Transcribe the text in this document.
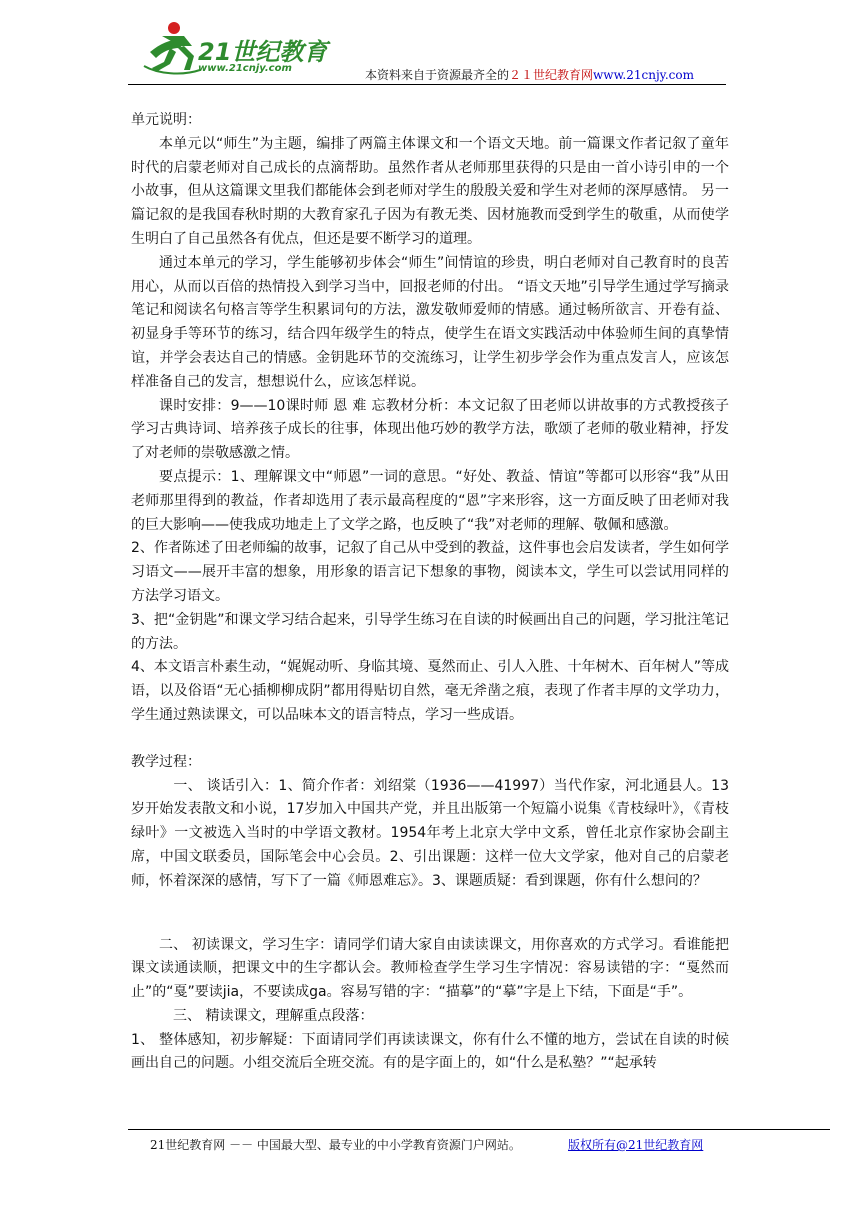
21世纪教育
www.21cnjy.com	本资料来自于资源最齐全的２１世纪教育网www.21cnjy.com

单元说明：

本单元以“师生”为主题，编排了两篇主体课文和一个语文天地。前一篇课文作者记叙了童年时代的启蒙老师对自己成长的点滴帮助。虽然作者从老师那里获得的只是由一首小诗引申的一个小故事，但从这篇课文里我们都能体会到老师对学生的殷殷关爱和学生对老师的深厚感情。 另一篇记叙的是我国春秋时期的大教育家孔子因为有教无类、因材施教而受到学生的敬重，从而使学生明白了自己虽然各有优点，但还是要不断学习的道理。

通过本单元的学习，学生能够初步体会“师生”间情谊的珍贵，明白老师对自己教育时的良苦用心，从而以百倍的热情投入到学习当中，回报老师的付出。 “语文天地”引导学生通过学写摘录笔记和阅读名句格言等学生积累词句的方法，激发敬师爱师的情感。通过畅所欲言、开卷有益、初显身手等环节的练习，结合四年级学生的特点，使学生在语文实践活动中体验师生间的真挚情谊，并学会表达自己的情感。金钥匙环节的交流练习，让学生初步学会作为重点发言人，应该怎样准备自己的发言，想想说什么，应该怎样说。

课时安排：9——10课时师 恩 难 忘教材分析：本文记叙了田老师以讲故事的方式教授孩子学习古典诗词、培养孩子成长的往事，体现出他巧妙的教学方法，歌颂了老师的敬业精神，抒发了对老师的崇敬感激之情。

要点提示：1、理解课文中“师恩”一词的意思。“好处、教益、情谊”等都可以形容“我”从田老师那里得到的教益，作者却选用了表示最高程度的“恩”字来形容，这一方面反映了田老师对我的巨大影响——使我成功地走上了文学之路，也反映了“我”对老师的理解、敬佩和感激。

2、作者陈述了田老师编的故事，记叙了自己从中受到的教益，这件事也会启发读者，学生如何学习语文——展开丰富的想象，用形象的语言记下想象的事物，阅读本文，学生可以尝试用同样的方法学习语文。

3、把“金钥匙”和课文学习结合起来，引导学生练习在自读的时候画出自己的问题，学习批注笔记的方法。

4、本文语言朴素生动，“娓娓动听、身临其境、戛然而止、引人入胜、十年树木、百年树人”等成语，以及俗语“无心插柳柳成阴”都用得贴切自然，毫无斧凿之痕，表现了作者丰厚的文学功力，学生通过熟读课文，可以品味本文的语言特点，学习一些成语。

教学过程：

　一、 谈话引入：1、简介作者：刘绍棠（1936——41997）当代作家，河北通县人。13岁开始发表散文和小说，17岁加入中国共产党，并且出版第一个短篇小说集《青枝绿叶》，《青枝绿叶》一文被选入当时的中学语文教材。1954年考上北京大学中文系，曾任北京作家协会副主席，中国文联委员，国际笔会中心会员。2、引出课题：这样一位大文学家，他对自己的启蒙老师，怀着深深的感情，写下了一篇《师恩难忘》。3、课题质疑：看到课题，你有什么想问的？

二、 初读课文，学习生字：请同学们请大家自由读读课文，用你喜欢的方式学习。看谁能把课文读通读顺，把课文中的生字都认会。教师检查学生学习生字情况：容易读错的字：“戛然而止”的“戛”要读jia，不要读成ga。容易写错的字：“描摹”的“摹”字是上下结，下面是“手”。

　三、 精读课文，理解重点段落：

1、 整体感知，初步解疑：下面请同学们再读读课文，你有什么不懂的地方，尝试在自读的时候画出自己的问题。小组交流后全班交流。有的是字面上的，如“什么是私塾？”“起承转

21世纪教育网 －－ 中国最大型、最专业的中小学教育资源门户网站。	版权所有@21世纪教育网
